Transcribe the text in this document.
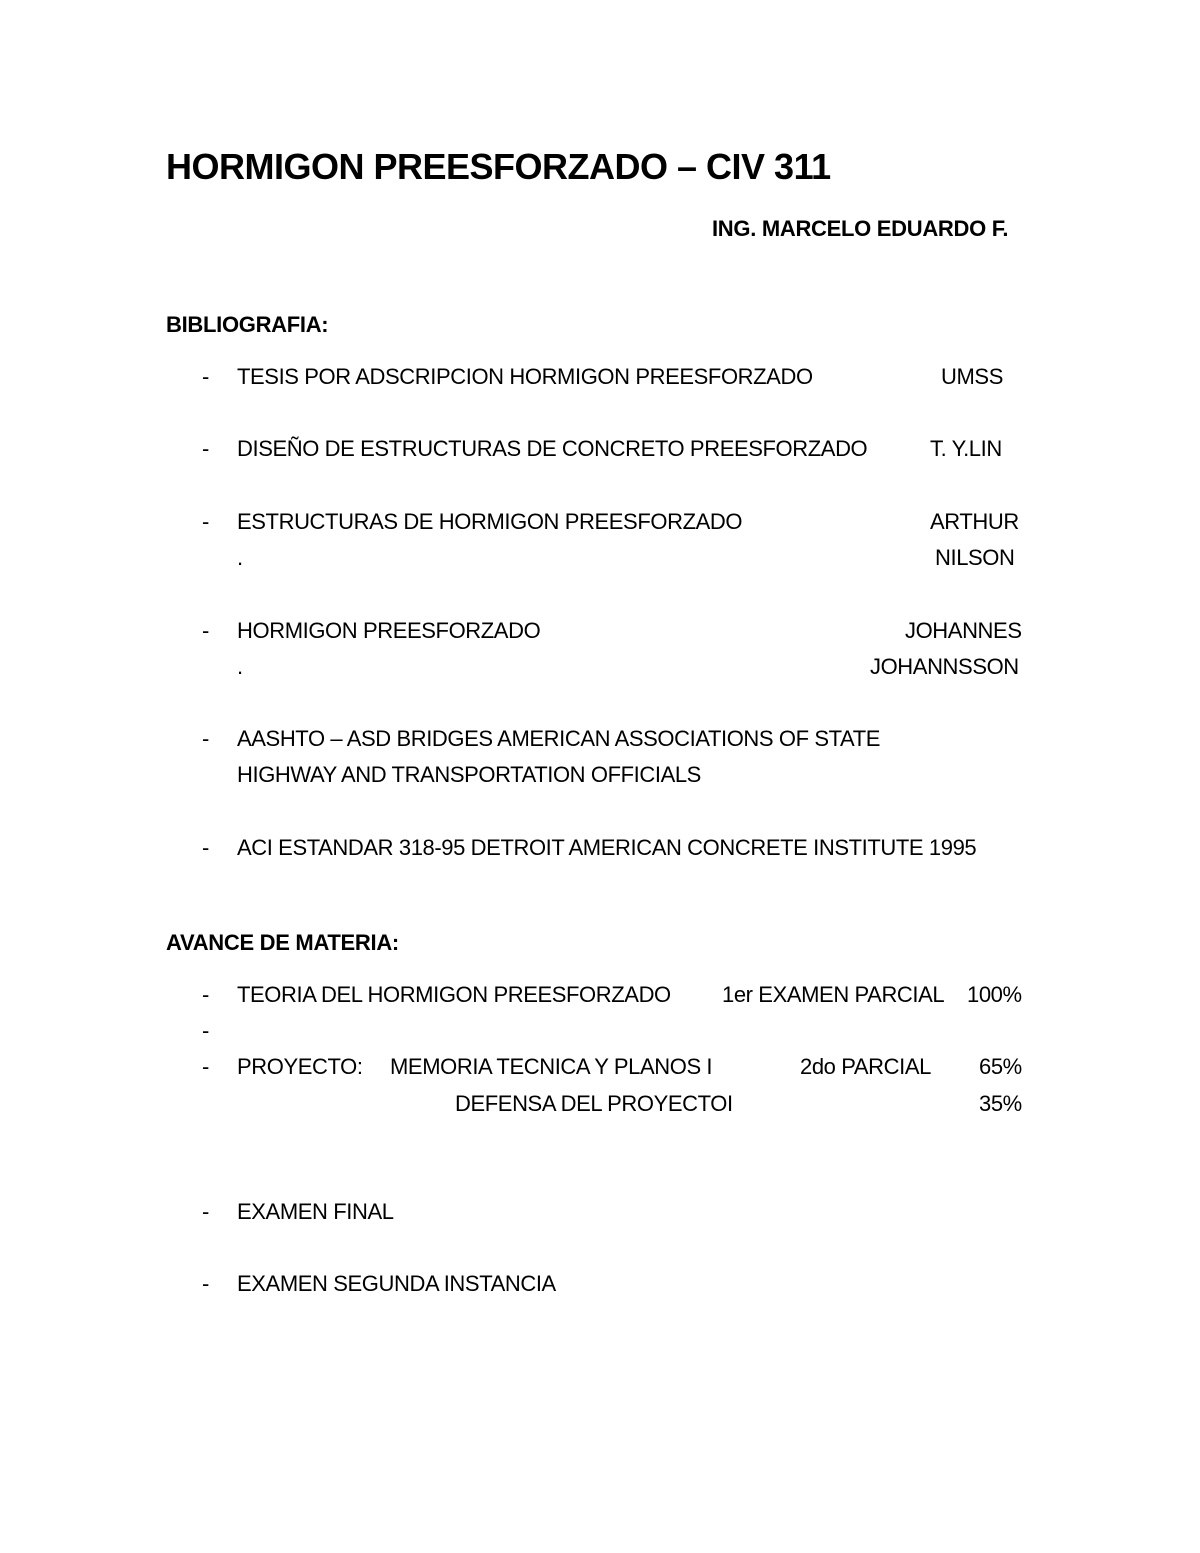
HORMIGON PREESFORZADO – CIV 311
ING. MARCELO EDUARDO F.
BIBLIOGRAFIA:
- TESIS POR ADSCRIPCION HORMIGON PREESFORZADO	UMSS
- DISEÑO DE ESTRUCTURAS DE CONCRETO PREESFORZADO	T. Y.LIN
- ESTRUCTURAS DE HORMIGON PREESFORZADO	ARTHUR
.	NILSON
- HORMIGON PREESFORZADO	JOHANNES
.	JOHANNSSON
- AASHTO – ASD BRIDGES AMERICAN ASSOCIATIONS OF STATE
HIGHWAY AND TRANSPORTATION OFFICIALS
- ACI ESTANDAR 318-95 DETROIT AMERICAN CONCRETE INSTITUTE 1995
AVANCE DE MATERIA:
- TEORIA DEL HORMIGON PREESFORZADO 1er EXAMEN PARCIAL 100%
-
- PROYECTO: MEMORIA TECNICA Y PLANOS I	2do PARCIAL 65%
DEFENSA DEL PROYECTOI	35%
- EXAMEN FINAL
- EXAMEN SEGUNDA INSTANCIA
